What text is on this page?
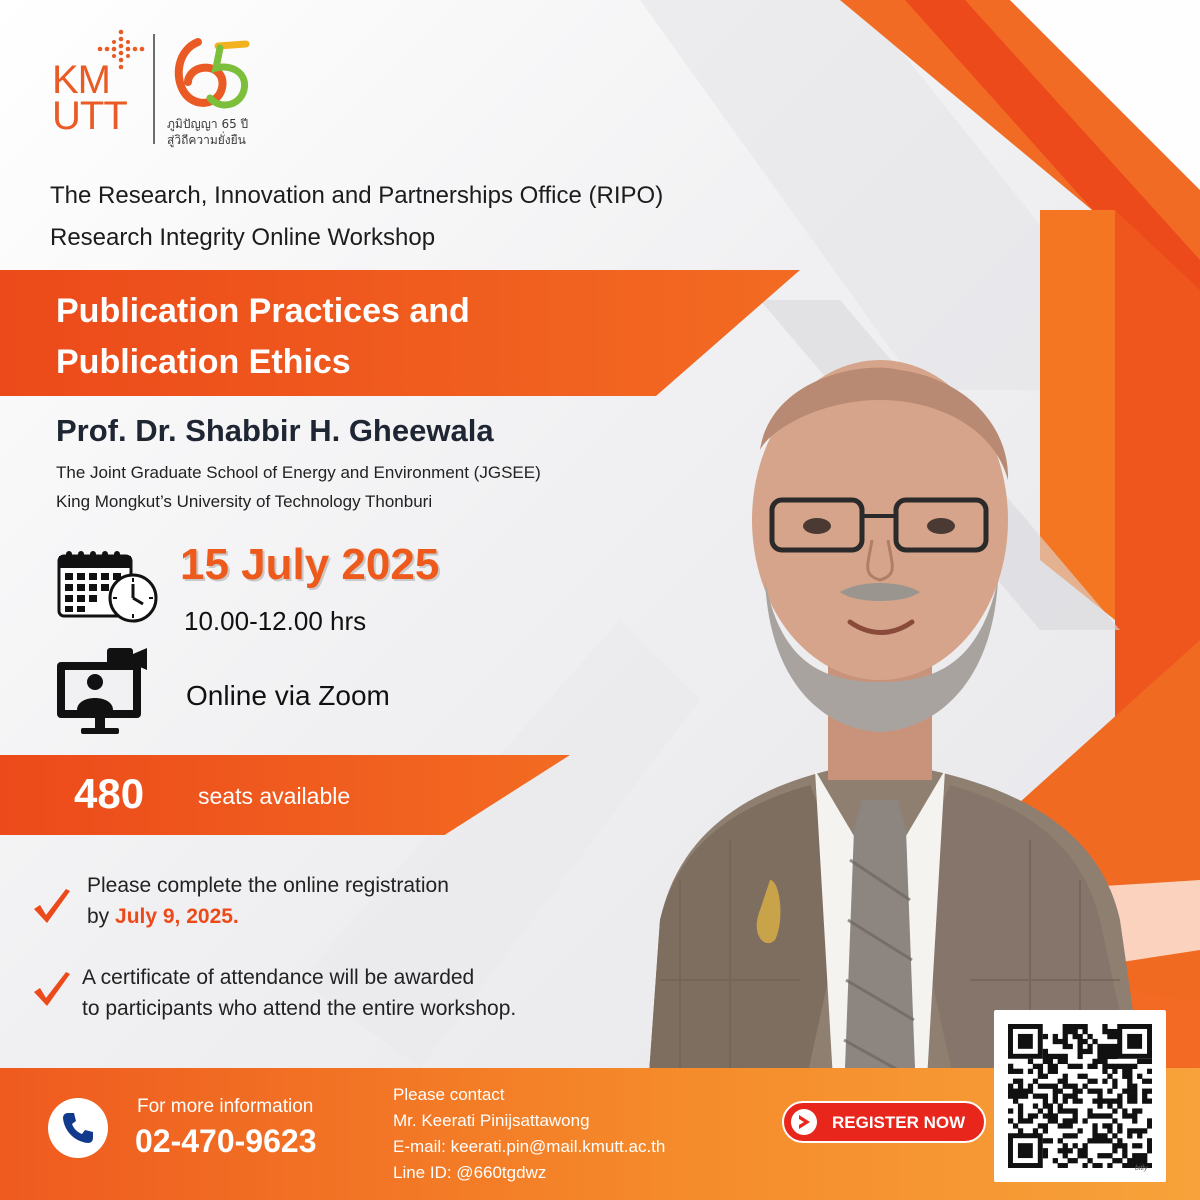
KM
UTT
65
ภูมิปัญญา 65 ปี
สู่วิถีความยั่งยืน
The Research, Innovation and Partnerships Office (RIPO)
Research Integrity Online Workshop
Publication Practices and
Publication Ethics
Prof. Dr. Shabbir H. Gheewala
The Joint Graduate School of Energy and Environment (JGSEE)
King Mongkut’s University of Technology Thonburi
15 July 2025
10.00-12.00 hrs
Online via Zoom
480 seats available
Please complete the online registration
by July 9, 2025.
A certificate of attendance will be awarded
to participants who attend the entire workshop.
For more information
02-470-9623
Please contact
Mr. Keerati Pinijsattawong
E-mail: keerati.pin@mail.kmutt.ac.th
Line ID: @660tgdwz
REGISTER NOW
bitly
